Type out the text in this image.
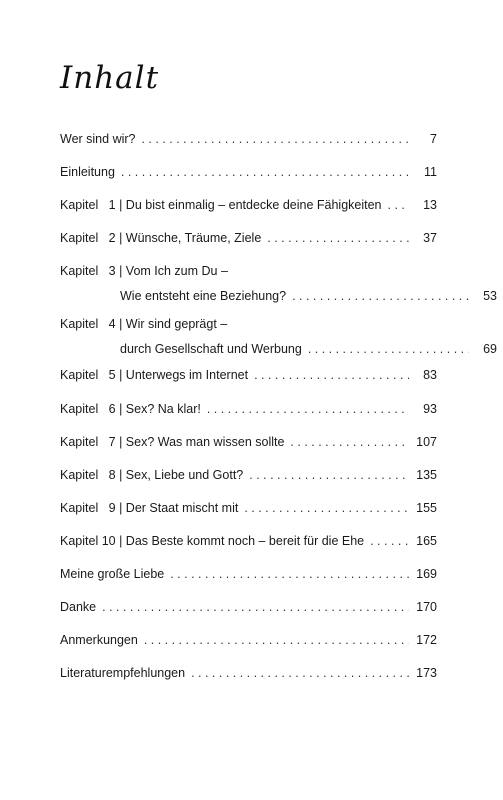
Inhalt
Wer sind wir? . . .	7
Einleitung . . .	11
Kapitel   1 | Du bist einmalig – entdecke deine Fähigkeiten . . .	13
Kapitel   2 | Wünsche, Träume, Ziele . . .	37
Kapitel   3 | Vom Ich zum Du –
Wie entsteht eine Beziehung? . . .	53
Kapitel   4 | Wir sind geprägt –
durch Gesellschaft und Werbung . . .	69
Kapitel   5 | Unterwegs im Internet . . .	83
Kapitel   6 | Sex? Na klar! . . .	93
Kapitel   7 | Sex? Was man wissen sollte . . .	107
Kapitel   8 | Sex, Liebe und Gott? . . .	135
Kapitel   9 | Der Staat mischt mit . . .	155
Kapitel 10 | Das Beste kommt noch – bereit für die Ehe . . .	165
Meine große Liebe . . .	169
Danke . . .	170
Anmerkungen . . .	172
Literaturempfehlungen . . .	173
